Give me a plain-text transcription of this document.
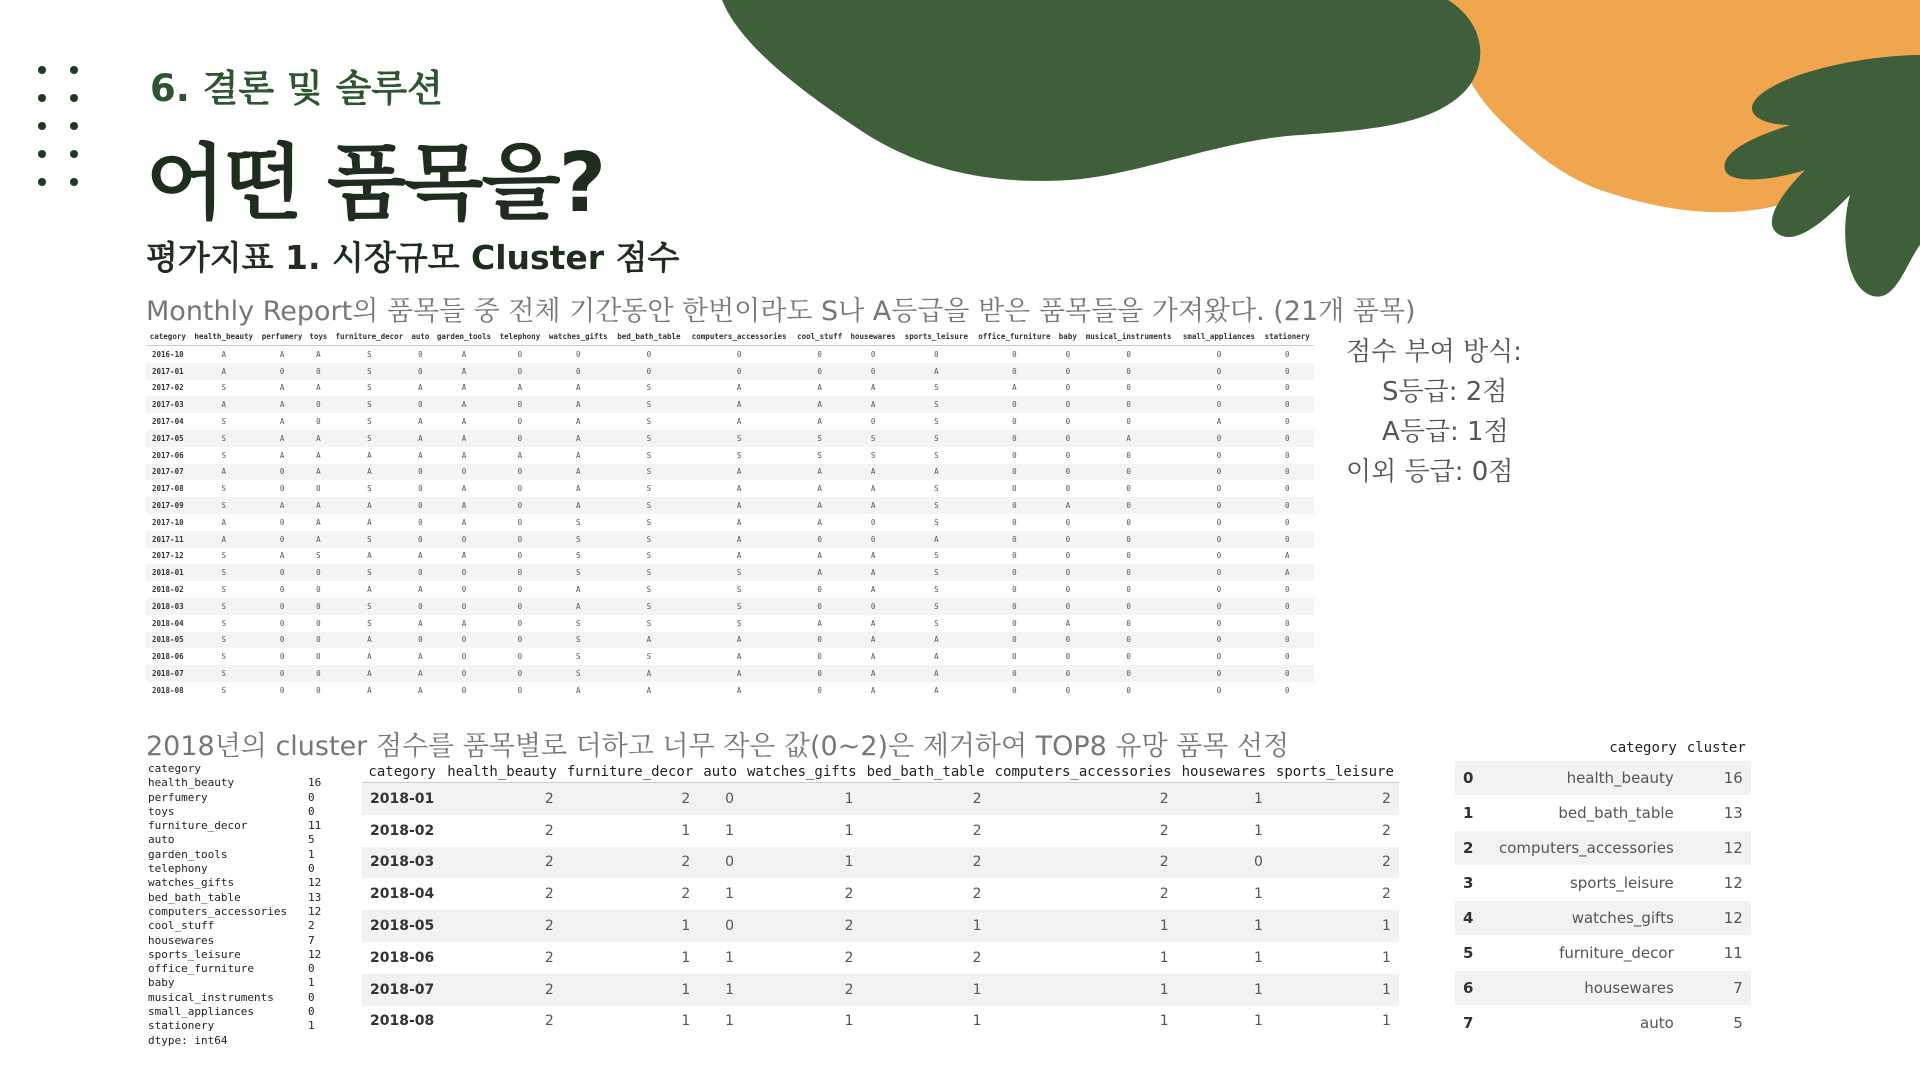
6. 결론 및 솔루션
어떤 품목을?
평가지표 1. 시장규모 Cluster 점수
Monthly Report의 품목들 중 전체 기간동안 한번이라도 S나 A등급을 받은 품목들을 가져왔다. (21개 품목)
category	health_beauty	perfumery	toys	furniture_decor	auto	garden_tools	telephony	watches_gifts	bed_bath_table	computers_accessories	cool_stuff	housewares	sports_leisure	office_furniture	baby	musical_instruments	small_appliances	stationery
2016-10	A	A	A	S	0	A	0	0	0	0	0	0	0	0	0	0	0	0
2017-01	A	0	0	S	0	A	0	0	0	0	0	0	A	0	0	0	0	0
2017-02	S	A	A	S	A	A	A	A	S	A	A	A	S	A	0	0	0	0
2017-03	A	A	0	S	0	A	0	A	S	A	A	A	S	0	0	0	0	0
2017-04	S	A	0	S	A	A	0	A	S	A	A	0	S	0	0	0	A	0
2017-05	S	A	A	S	A	A	0	A	S	S	S	S	S	0	0	A	0	0
2017-06	S	A	A	A	A	A	A	A	S	S	S	S	S	0	0	0	0	0
2017-07	A	0	A	A	0	0	0	A	S	A	A	A	A	0	0	0	0	0
2017-08	S	0	0	S	0	A	0	A	S	A	A	A	S	0	0	0	0	0
2017-09	S	A	A	A	0	A	0	A	S	A	A	A	S	0	A	0	0	0
2017-10	A	0	A	A	0	A	0	S	S	A	A	0	S	0	0	0	0	0
2017-11	A	0	A	S	0	0	0	S	S	A	0	0	A	0	0	0	0	0
2017-12	S	A	S	A	A	A	0	S	S	A	A	A	S	0	0	0	0	A
2018-01	S	0	0	S	0	0	0	S	S	S	A	A	S	0	0	0	0	A
2018-02	S	0	0	A	A	0	0	A	S	S	0	A	S	0	0	0	0	0
2018-03	S	0	0	S	0	0	0	A	S	S	0	0	S	0	0	0	0	0
2018-04	S	0	0	S	A	A	0	S	S	S	A	A	S	0	A	0	0	0
2018-05	S	0	0	A	0	0	0	S	A	A	0	A	A	0	0	0	0	0
2018-06	S	0	0	A	A	0	0	S	S	A	0	A	A	0	0	0	0	0
2018-07	S	0	0	A	A	0	0	S	A	A	0	A	A	0	0	0	0	0
2018-08	S	0	0	A	A	0	0	A	A	A	0	A	A	0	0	0	0	0
점수 부여 방식:
S등급: 2점
A등급: 1점
이외 등급: 0점
2018년의 cluster 점수를 품목별로 더하고 너무 작은 값(0~2)은 제거하여 TOP8 유망 품목 선정
category
health_beauty	16
perfumery	0
toys	0
furniture_decor	11
auto	5
garden_tools	1
telephony	0
watches_gifts	12
bed_bath_table	13
computers_accessories 12
cool_stuff	2
housewares	7
sports_leisure	12
office_furniture	0
baby	1
musical_instruments	0
small_appliances	0
stationery	1
dtype: int64
category	health_beauty	furniture_decor	auto	watches_gifts	bed_bath_table	computers_accessories	housewares	sports_leisure
2018-01	2	2	0	1	2	2	1	2
2018-02	2	1	1	1	2	2	1	2
2018-03	2	2	0	1	2	2	0	2
2018-04	2	2	1	2	2	2	1	2
2018-05	2	1	0	2	1	1	1	1
2018-06	2	1	1	2	2	1	1	1
2018-07	2	1	1	2	1	1	1	1
2018-08	2	1	1	1	1	1	1	1
	category	cluster
0	health_beauty	16
1	bed_bath_table	13
2	computers_accessories	12
3	sports_leisure	12
4	watches_gifts	12
5	furniture_decor	11
6	housewares	7
7	auto	5
